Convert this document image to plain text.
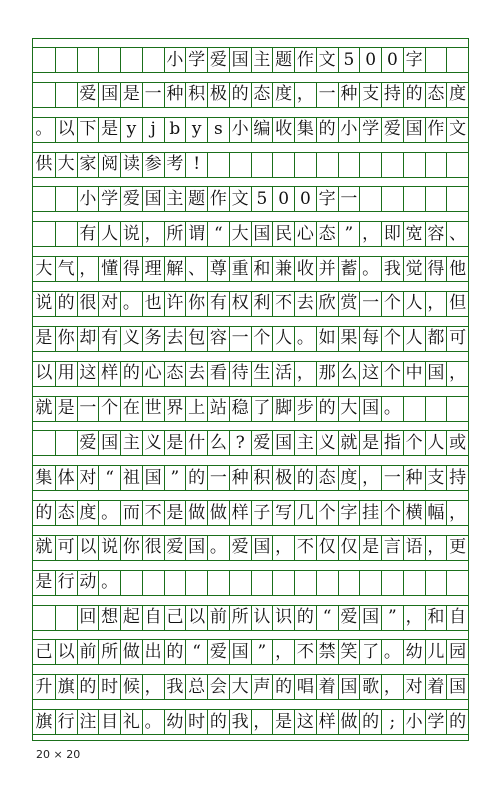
小 学 爱 国 主 题 作 文 5 0 0 字
爱 国 是 一 种 积 极 的 态 度 ， 一 种 支 持 的 态 度
。 以 下 是 y j b y s 小 编 收 集 的 小 学 爱 国 作 文
供 大 家 阅 读 参 考 !
小 学 爱 国 主 题 作 文 5 0 0 字 一
有 人 说 ， 所 谓 “ 大 国 民 心 态 ” ， 即 宽 容 、
大 气 ， 懂 得 理 解 、 尊 重 和 兼 收 并 蓄 。 我 觉 得 他
说 的 很 对 。 也 许 你 有 权 利 不 去 欣 赏 一 个 人 ， 但
是 你 却 有 义 务 去 包 容 一 个 人 。 如 果 每 个 人 都 可
以 用 这 样 的 心 态 去 看 待 生 活 ， 那 么 这 个 中 国 ，
就 是 一 个 在 世 界 上 站 稳 了 脚 步 的 大 国 。
爱 国 主 义 是 什 么 ? 爱 国 主 义 就 是 指 个 人 或
集 体 对 “ 祖 国 ” 的 一 种 积 极 的 态 度 ， 一 种 支 持
的 态 度 。 而 不 是 做 做 样 子 写 几 个 字 挂 个 横 幅 ，
就 可 以 说 你 很 爱 国 。 爱 国 ， 不 仅 仅 是 言 语 ， 更
是 行 动 。
回 想 起 自 己 以 前 所 认 识 的 “ 爱 国 ” ， 和 自
己 以 前 所 做 出 的 “ 爱 国 ” ， 不 禁 笑 了 。 幼 儿 园
升 旗 的 时 候 ， 我 总 会 大 声 的 唱 着 国 歌 ， 对 着 国
旗 行 注 目 礼 。 幼 时 的 我 ， 是 这 样 做 的 ; 小 学 的
20 × 20
